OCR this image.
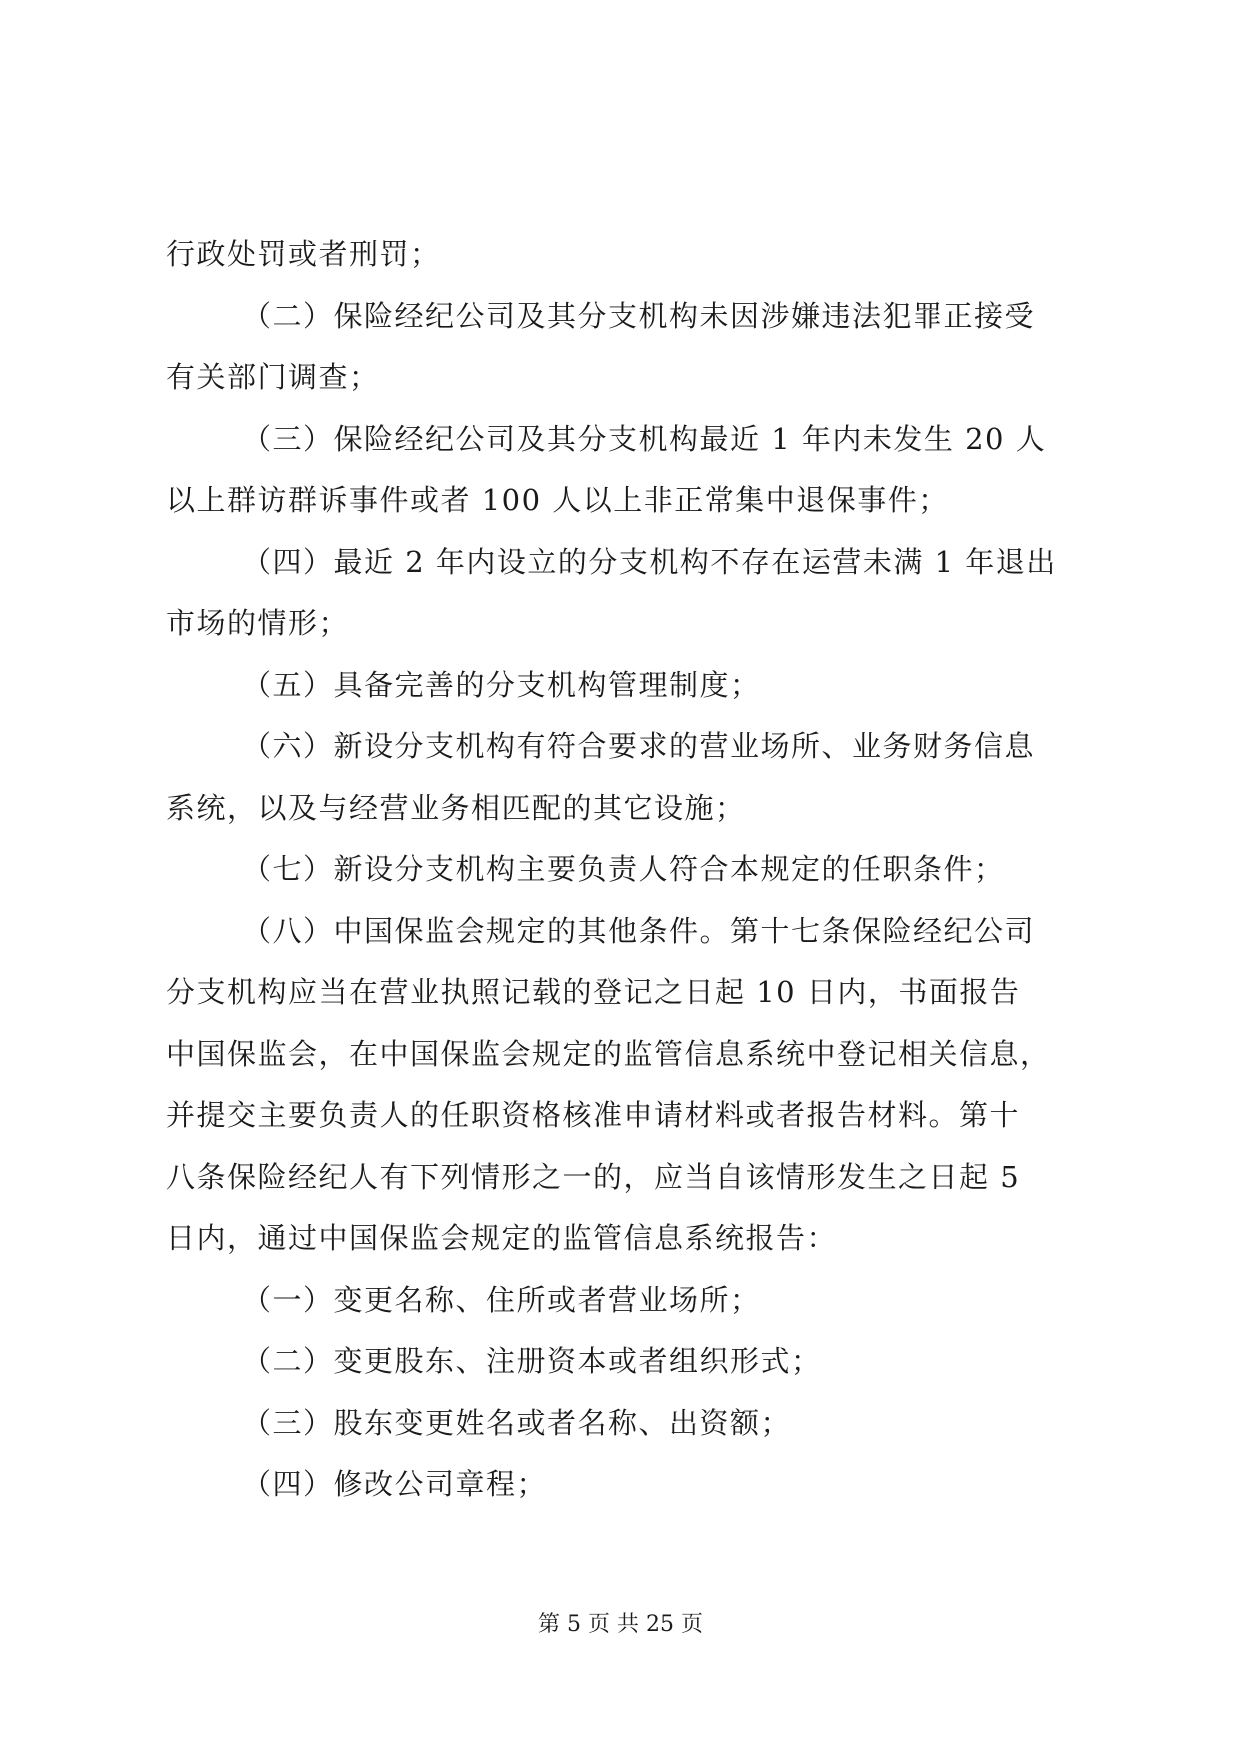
行政处罚或者刑罚；
（二）保险经纪公司及其分支机构未因涉嫌违法犯罪正接受
有关部门调查；
（三）保险经纪公司及其分支机构最近 1 年内未发生 20 人
以上群访群诉事件或者 100 人以上非正常集中退保事件；
（四）最近 2 年内设立的分支机构不存在运营未满 1 年退出
市场的情形；
（五）具备完善的分支机构管理制度；
（六）新设分支机构有符合要求的营业场所、业务财务信息
系统，以及与经营业务相匹配的其它设施；
（七）新设分支机构主要负责人符合本规定的任职条件；
（八）中国保监会规定的其他条件。第十七条保险经纪公司
分支机构应当在营业执照记载的登记之日起 10 日内，书面报告
中国保监会，在中国保监会规定的监管信息系统中登记相关信息，
并提交主要负责人的任职资格核准申请材料或者报告材料。第十
八条保险经纪人有下列情形之一的，应当自该情形发生之日起 5
日内，通过中国保监会规定的监管信息系统报告：
（一）变更名称、住所或者营业场所；
（二）变更股东、注册资本或者组织形式；
（三）股东变更姓名或者名称、出资额；
（四）修改公司章程；
第 5 页 共 25 页
